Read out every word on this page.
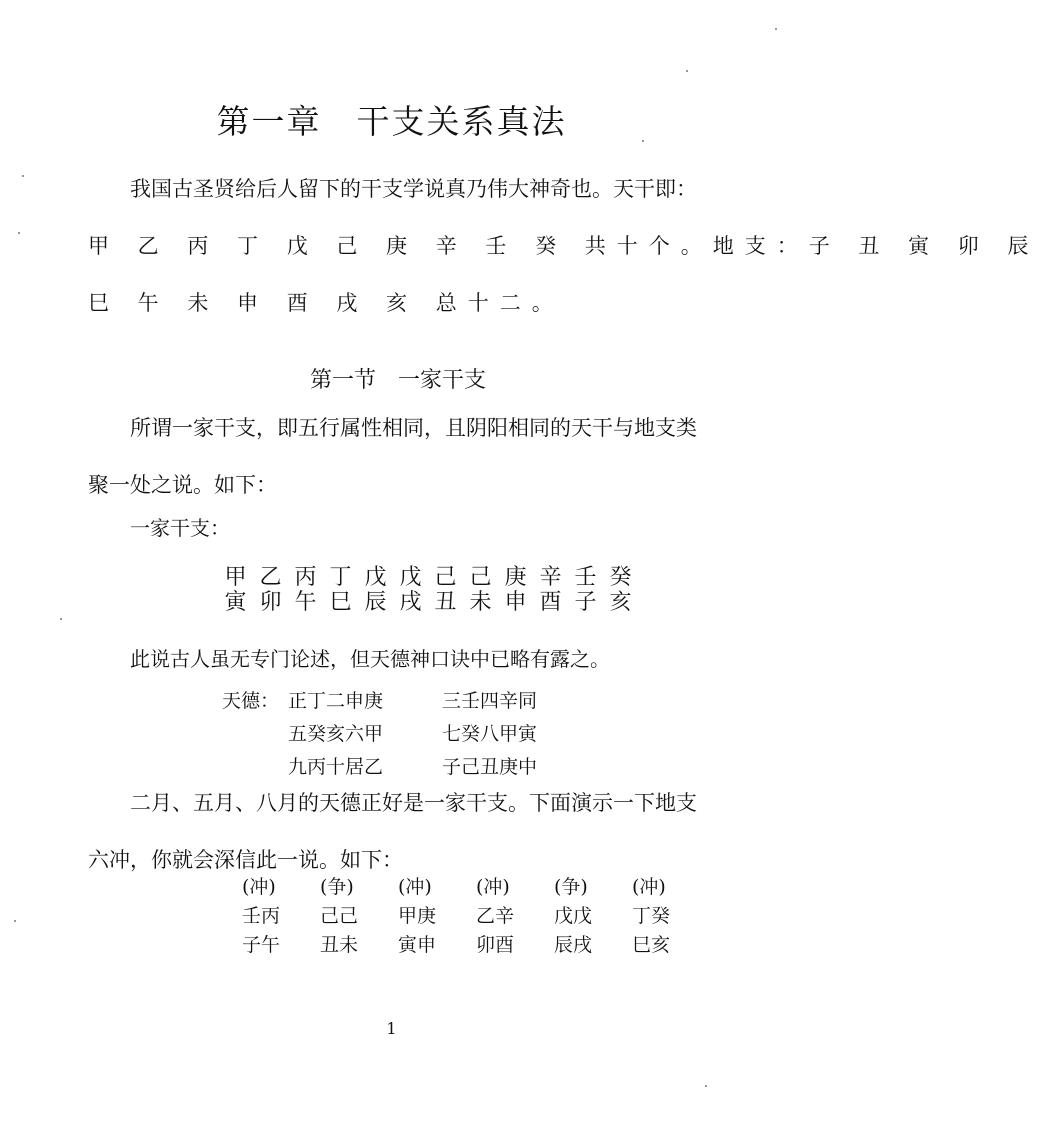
第一章　干支关系真法
我国古圣贤给后人留下的干支学说真乃伟大神奇也。天干即：
甲 乙 丙 丁 戊 己 庚 辛 壬 癸 共十个。地支：子 丑 寅 卯 辰
巳 午 未 申 酉 戌 亥 总十二。
第一节　一家干支
所谓一家干支，即五行属性相同，且阴阳相同的天干与地支类
聚一处之说。如下：
一家干支：
甲 乙 丙 丁 戊 戊 己 己 庚 辛 壬 癸
寅 卯 午 巳 辰 戌 丑 未 申 酉 子 亥
此说古人虽无专门论述，但天德神口诀中已略有露之。
天德： 正丁二申庚	三壬四辛同
五癸亥六甲	七癸八甲寅
九丙十居乙	子己丑庚中
二月、五月、八月的天德正好是一家干支。下面演示一下地支
六冲，你就会深信此一说。如下：
(冲) (争) (冲) (冲) (争) (冲)
壬丙 己己 甲庚 乙辛 戊戊 丁癸
子午 丑未 寅申 卯酉 辰戌 巳亥
1
